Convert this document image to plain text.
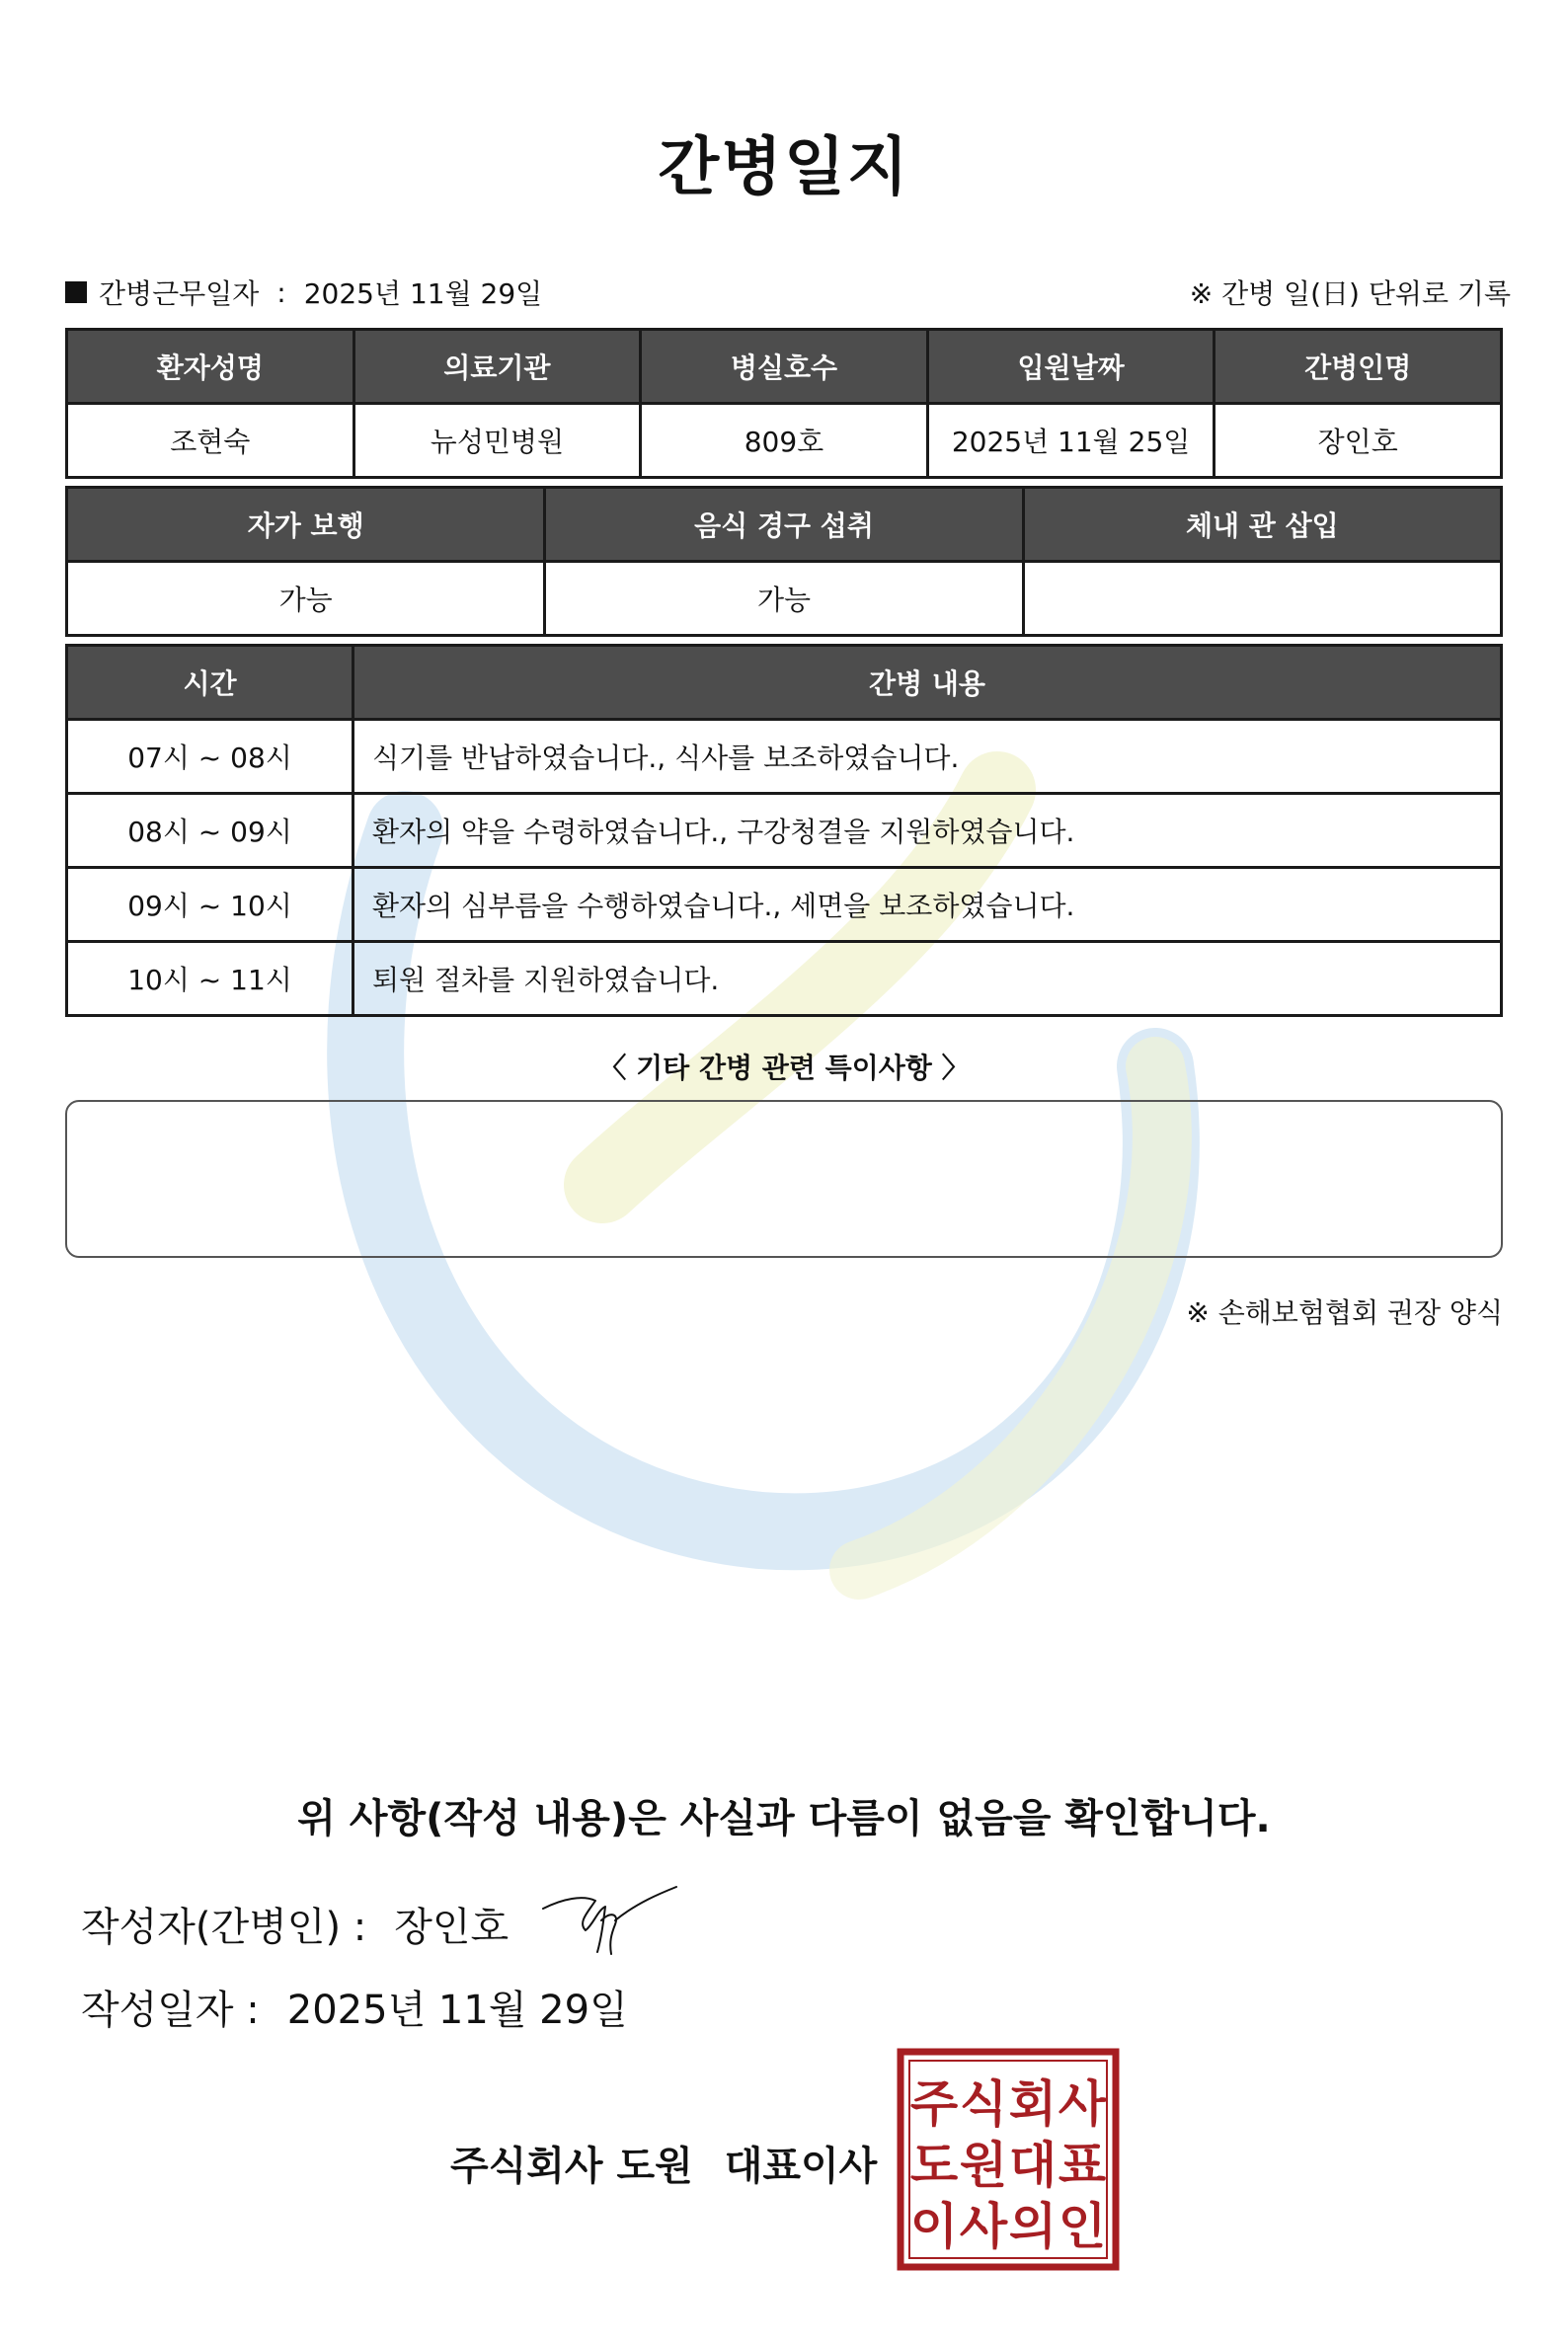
간병일지
간병근무일자 : 2025년 11월 29일	※ 간병 일(日) 단위로 기록
환자성명	의료기관	병실호수	입원날짜	간병인명
조현숙	뉴성민병원	809호	2025년 11월 25일	장인호
자가 보행	음식 경구 섭취	체내 관 삽입
가능	가능	
시간	간병 내용
07시 ~ 08시	식기를 반납하였습니다., 식사를 보조하였습니다.
08시 ~ 09시	환자의 약을 수령하였습니다., 구강청결을 지원하였습니다.
09시 ~ 10시	환자의 심부름을 수행하였습니다., 세면을 보조하였습니다.
10시 ~ 11시	퇴원 절차를 지원하였습니다.
〈 기타 간병 관련 특이사항 〉
※ 손해보험협회 권장 양식
위 사항(작성 내용)은 사실과 다름이 없음을 확인합니다.
작성자(간병인) : 장인호
작성일자 : 2025년 11월 29일
주식회사 도원 대표이사
주 식 회 사
도 원 대 표
이 사 의 인
